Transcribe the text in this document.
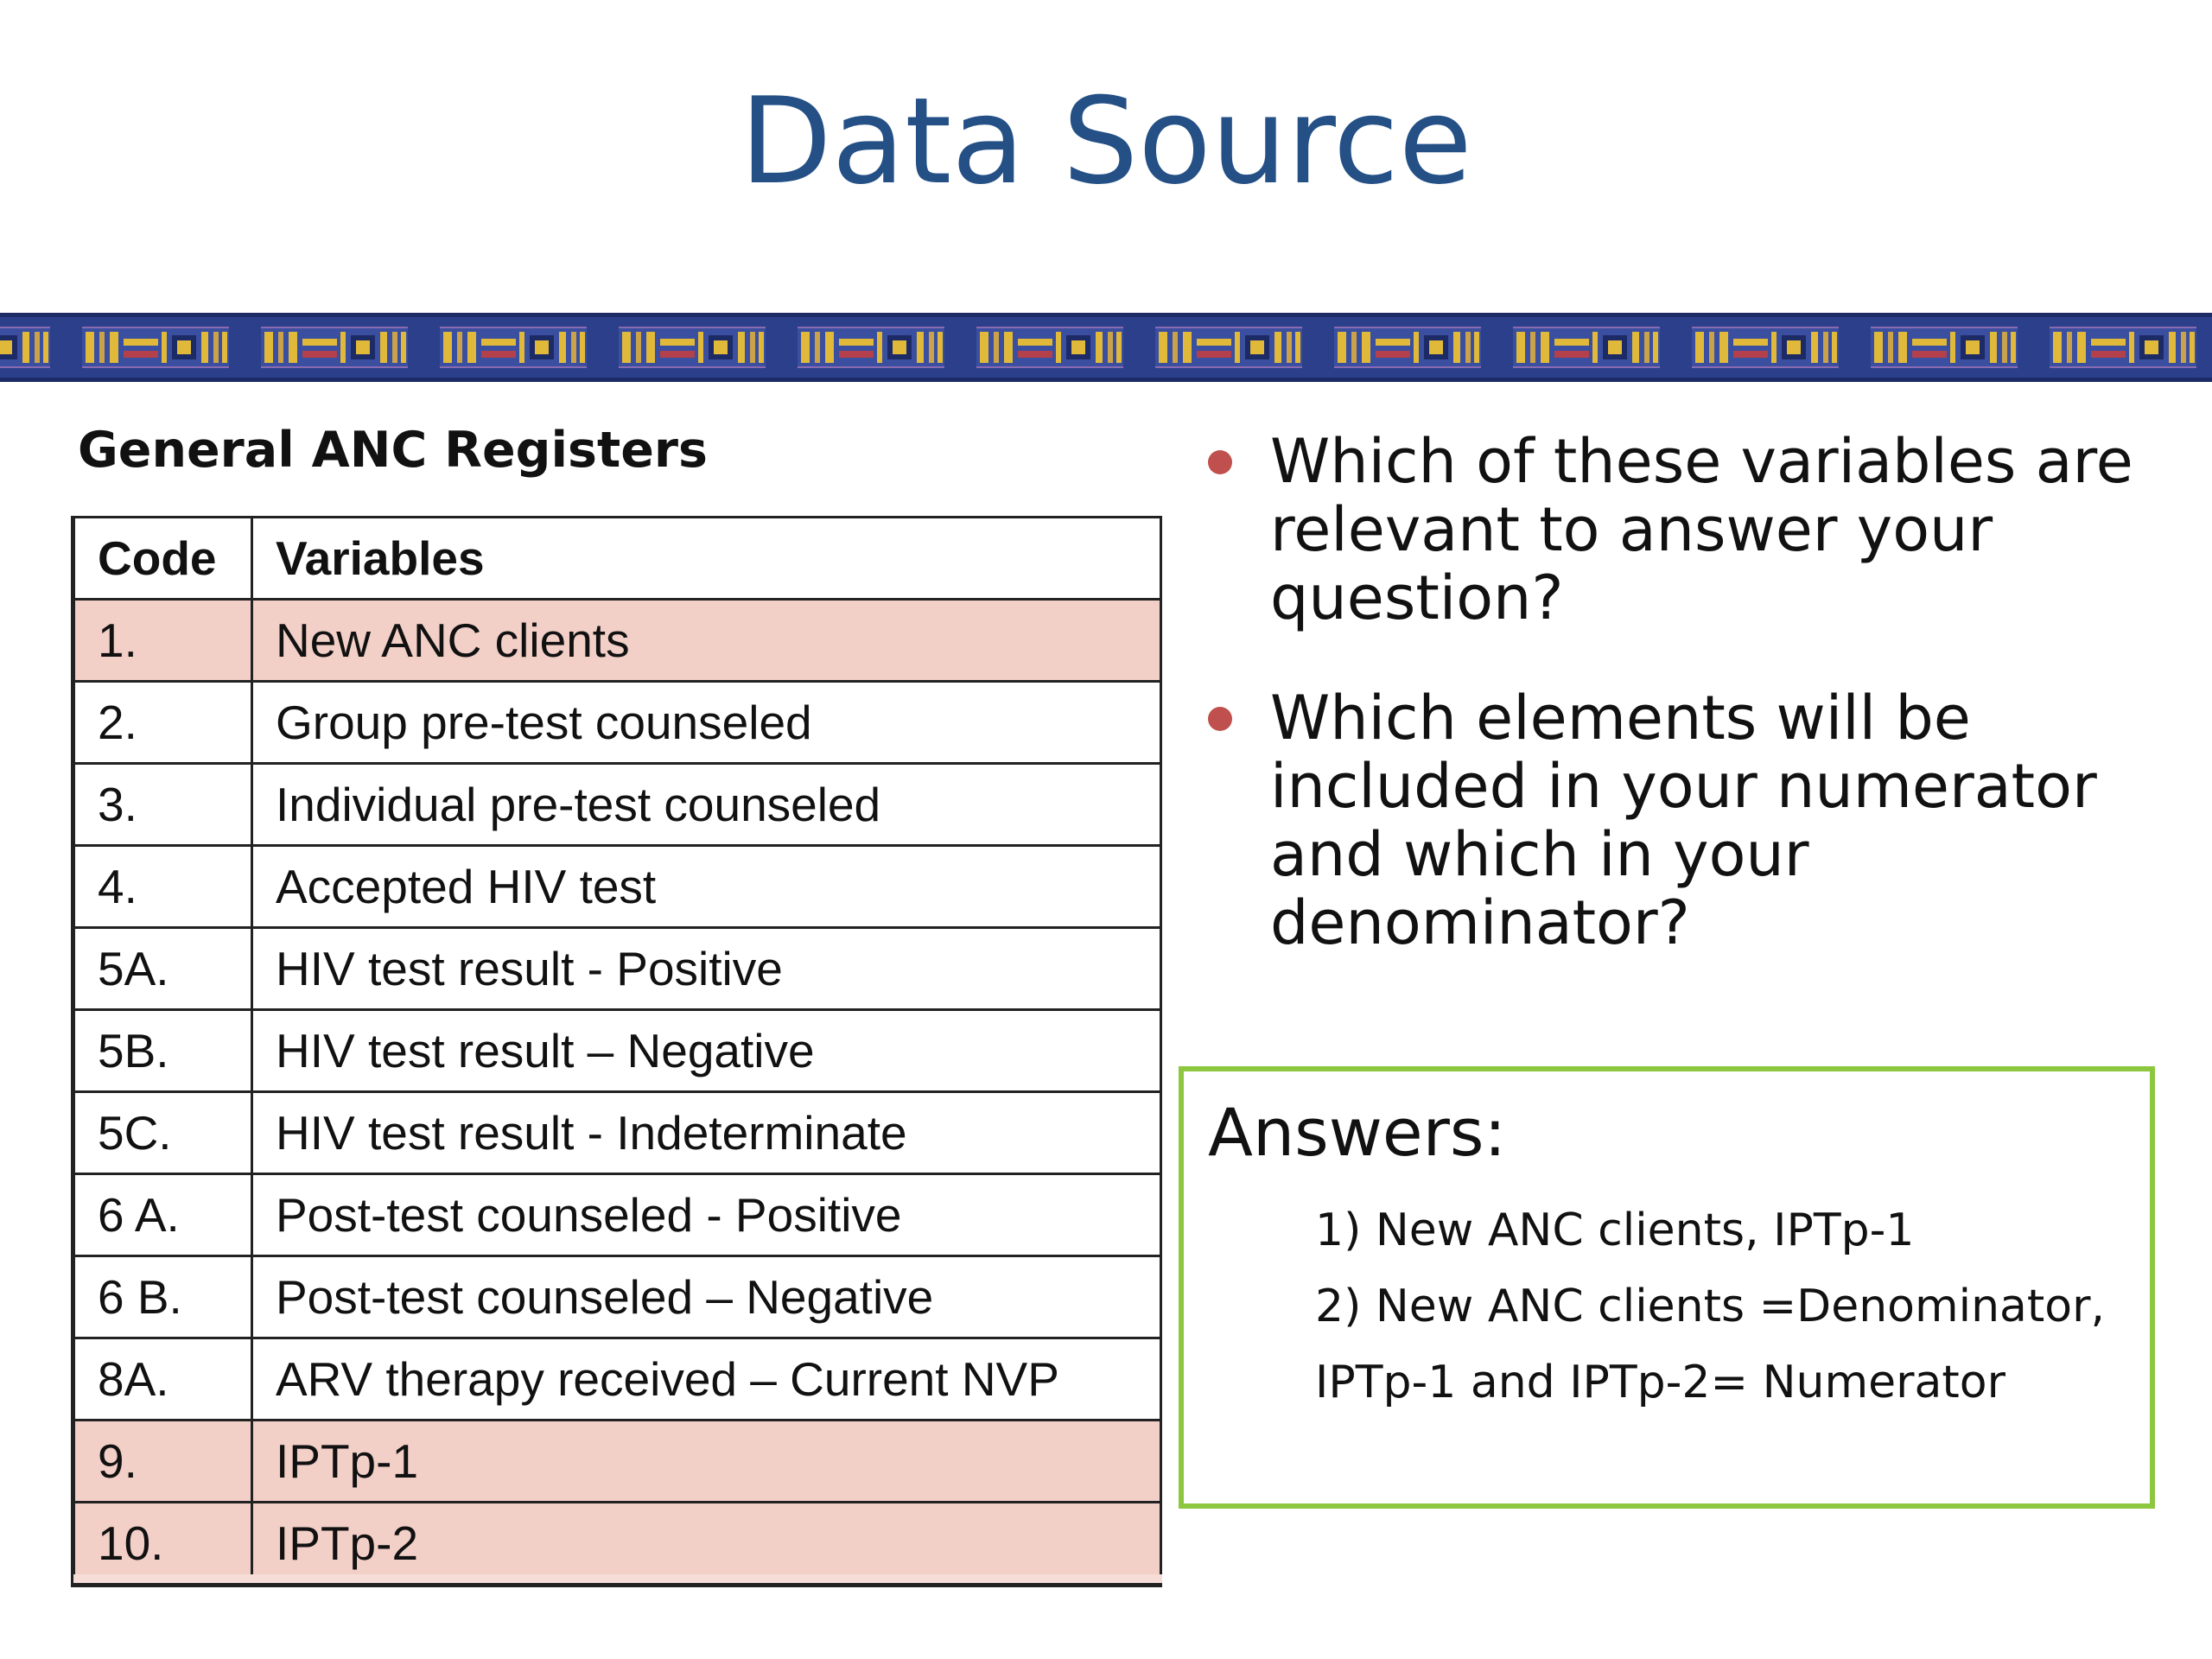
Data Source
General ANC Registers
Code	Variables
1.	New ANC clients
2.	Group pre-test counseled
3.	Individual pre-test counseled
4.	Accepted HIV test
5A.	HIV test result - Positive
5B.	HIV test result – Negative
5C.	HIV test result - Indeterminate
6 A.	Post-test counseled - Positive
6 B.	Post-test counseled – Negative
8A.	ARV therapy received – Current NVP
9.	IPTp-1
10.	IPTp-2
Which of these variables are relevant to answer your question?
Which elements will be included in your numerator and which in your denominator?
Answers:
1) New ANC clients, IPTp-1
2) New ANC clients =Denominator,
IPTp-1 and IPTp-2= Numerator
